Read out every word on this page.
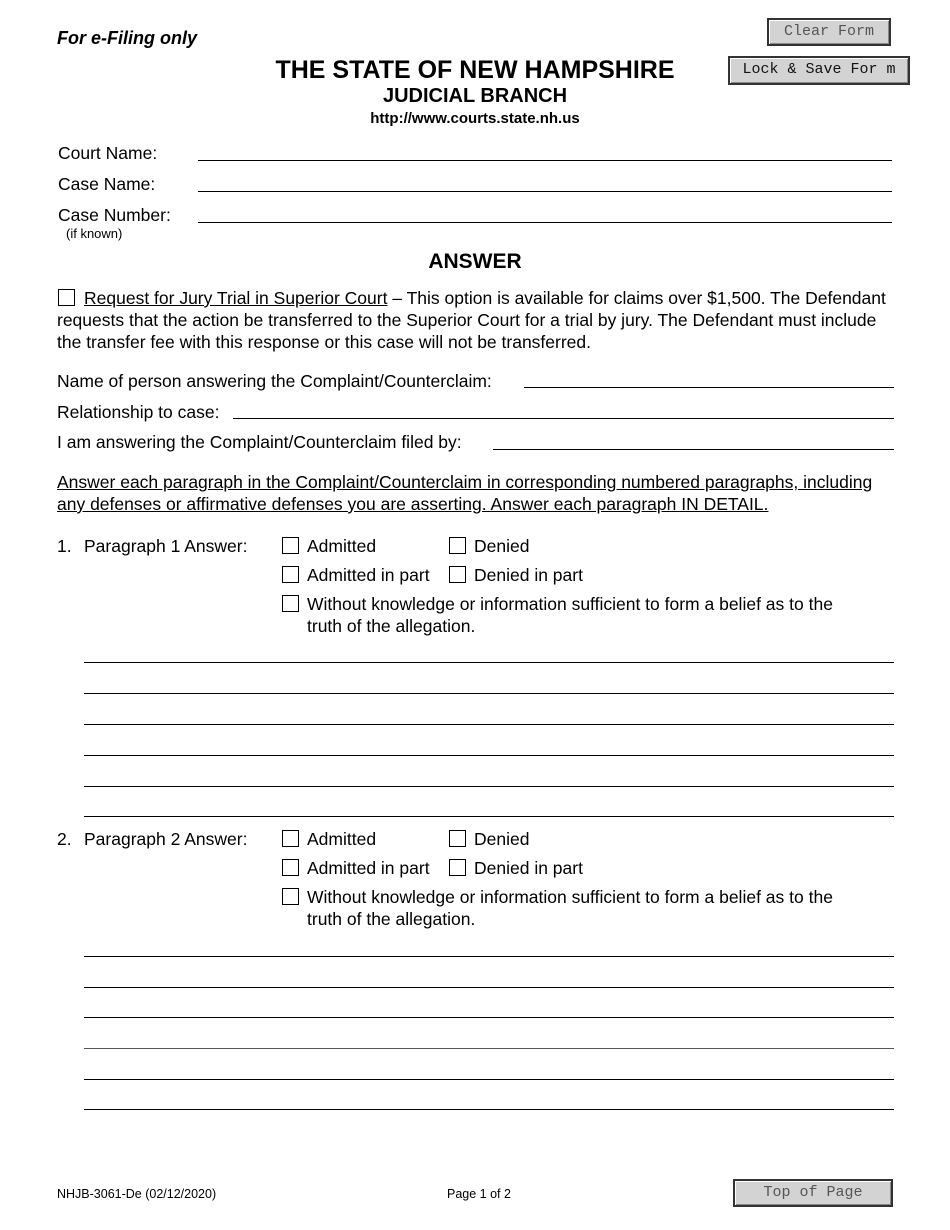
For e-Filing only
THE STATE OF NEW HAMPSHIRE
JUDICIAL BRANCH
http://www.courts.state.nh.us
Clear Form
Lock & Save For m
Court Name:
Case Name:
Case Number:
(if known)
ANSWER
Request for Jury Trial in Superior Court – This option is available for claims over $1,500. The Defendant requests that the action be transferred to the Superior Court for a trial by jury. The Defendant must include the transfer fee with this response or this case will not be transferred.
Name of person answering the Complaint/Counterclaim:
Relationship to case:
I am answering the Complaint/Counterclaim filed by:
Answer each paragraph in the Complaint/Counterclaim in corresponding numbered paragraphs, including any defenses or affirmative defenses you are asserting. Answer each paragraph IN DETAIL.
1. Paragraph 1 Answer:	Admitted	Denied
Admitted in part	Denied in part
Without knowledge or information sufficient to form a belief as to the
truth of the allegation.
2. Paragraph 2 Answer:	Admitted	Denied
Admitted in part	Denied in part
Without knowledge or information sufficient to form a belief as to the
truth of the allegation.
NHJB-3061-De (02/12/2020)	Page 1 of 2	Top of Page
